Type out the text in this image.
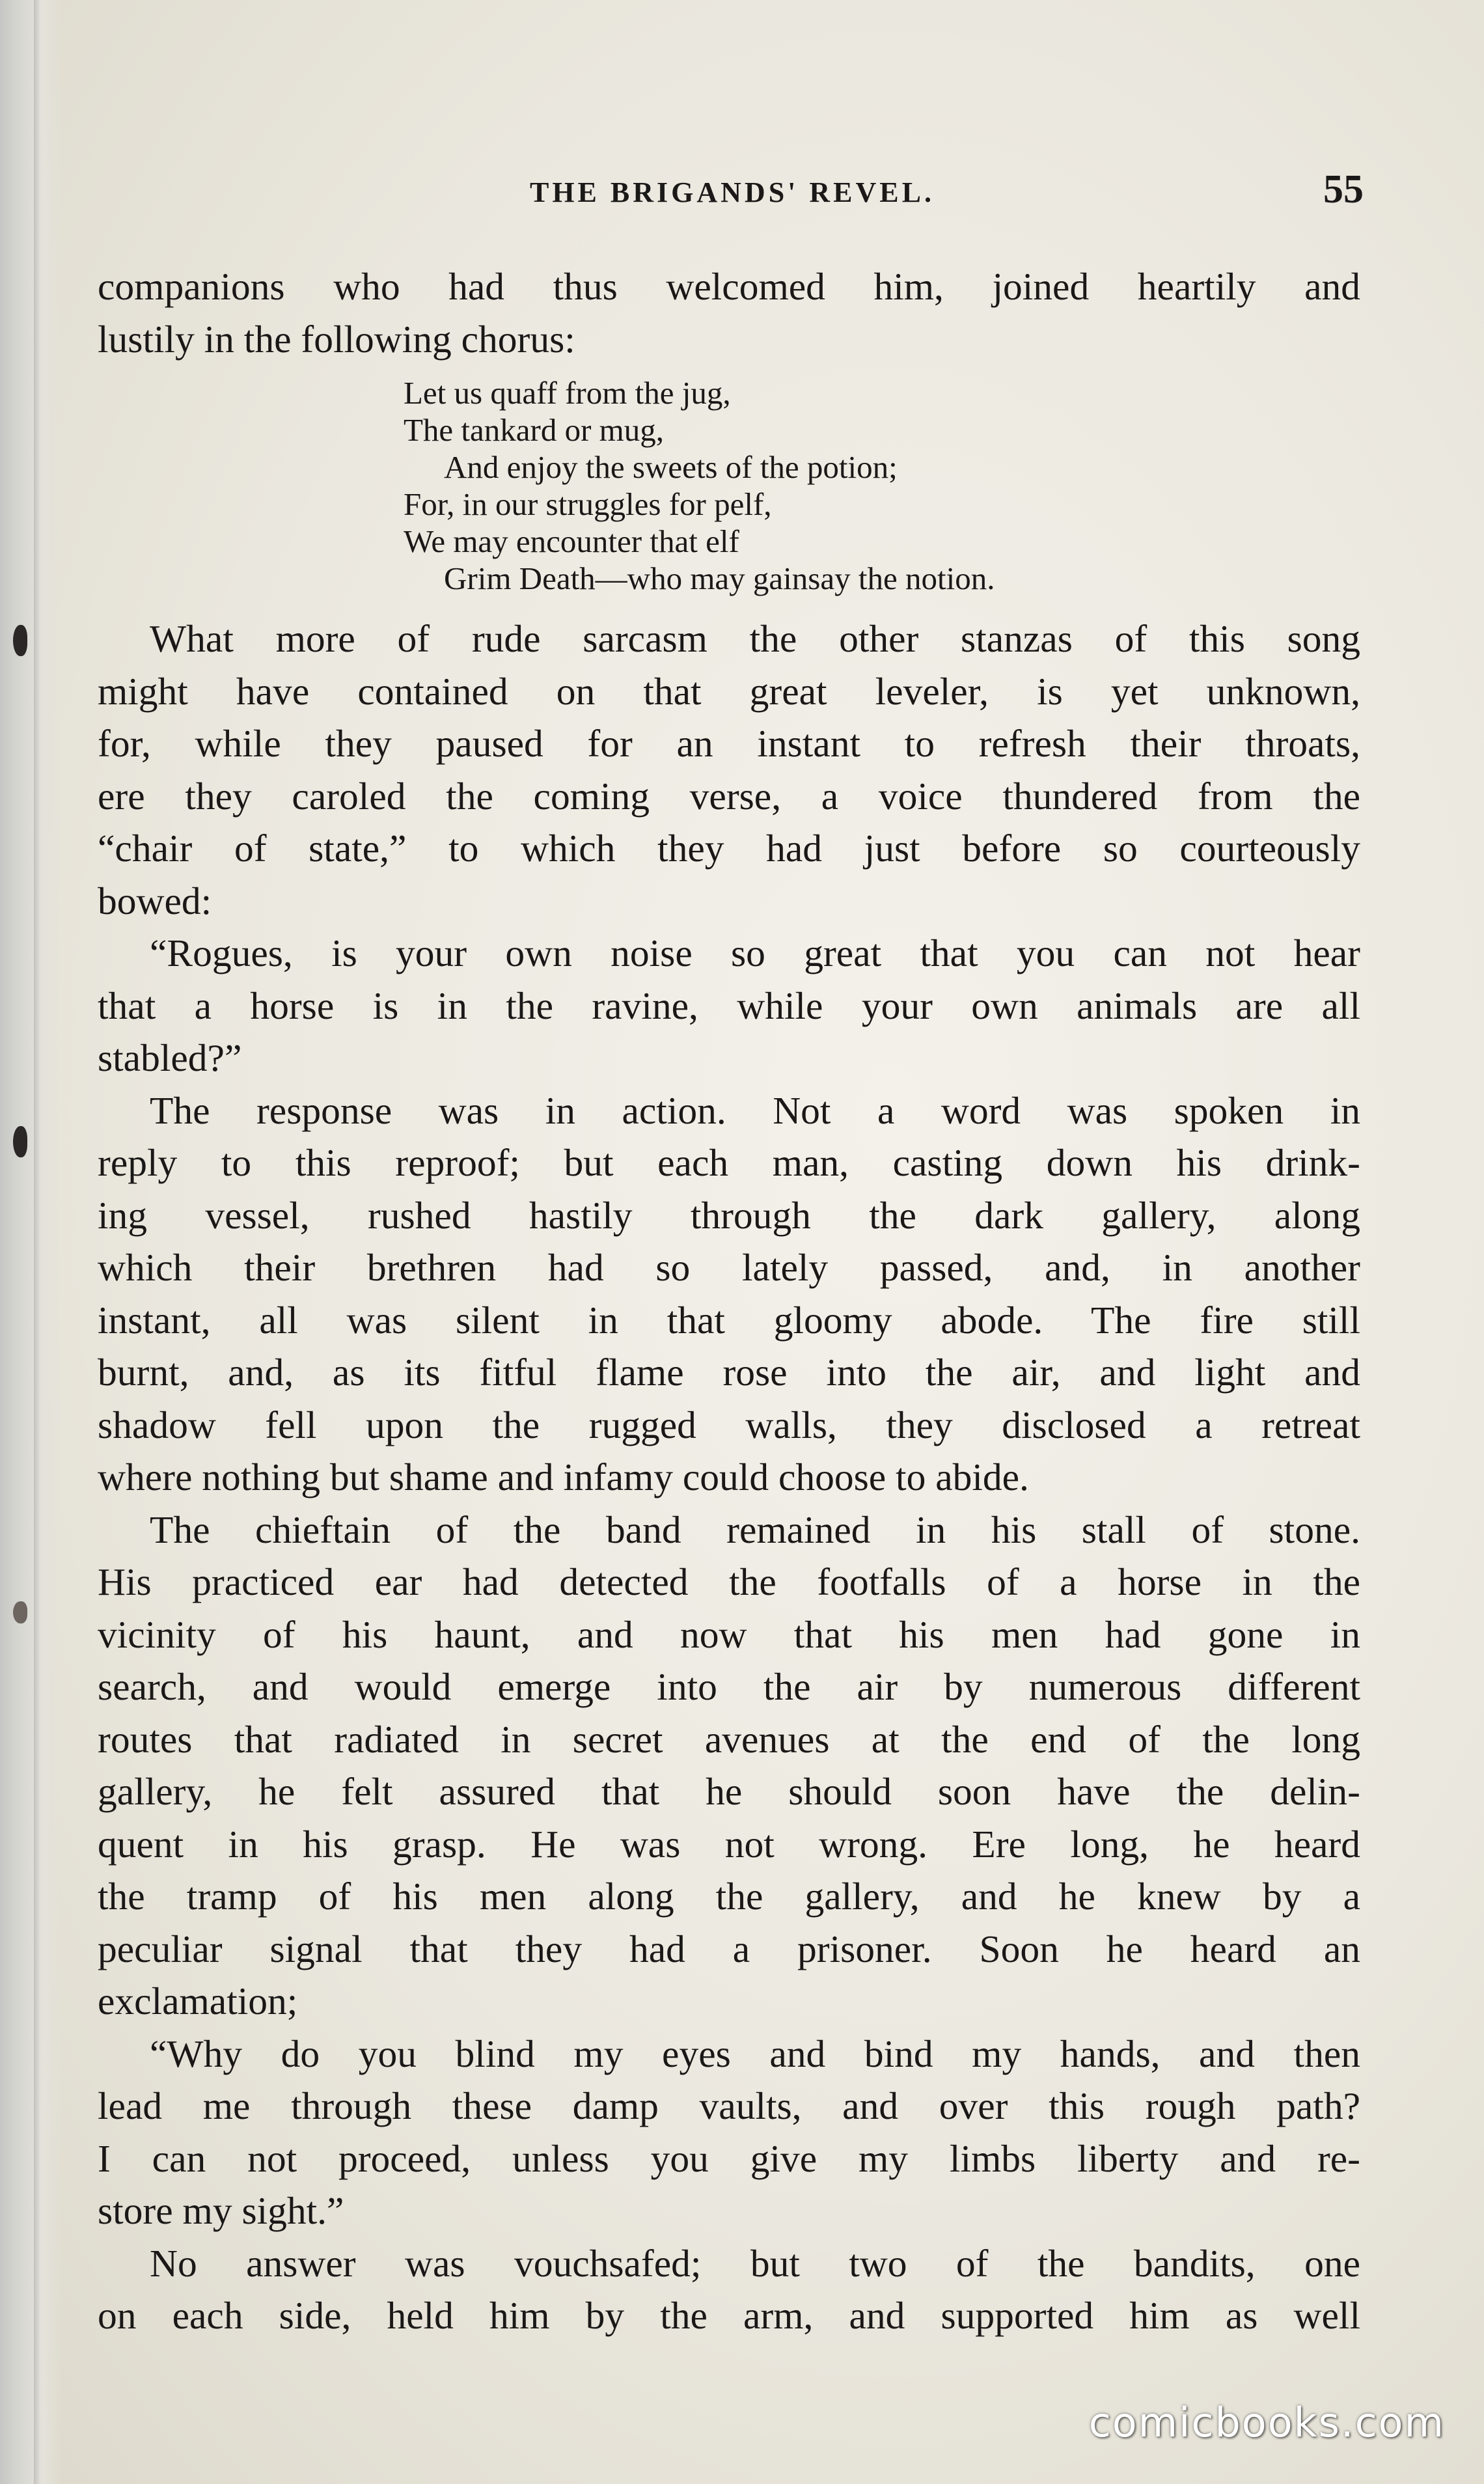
THE BRIGANDS' REVEL.	55
companions who had thus welcomed him, joined heartily and
lustily in the following chorus:
Let us quaff from the jug,
The tankard or mug,
And enjoy the sweets of the potion;
For, in our struggles for pelf,
We may encounter that elf
Grim Death—who may gainsay the notion.
What more of rude sarcasm the other stanzas of this song
might have contained on that great leveler, is yet unknown,
for, while they paused for an instant to refresh their throats,
ere they caroled the coming verse, a voice thundered from the
“chair of state,” to which they had just before so courteously
bowed:
“Rogues, is your own noise so great that you can not hear
that a horse is in the ravine, while your own animals are all
stabled?”
The response was in action. Not a word was spoken in
reply to this reproof; but each man, casting down his drink-
ing vessel, rushed hastily through the dark gallery, along
which their brethren had so lately passed, and, in another
instant, all was silent in that gloomy abode. The fire still
burnt, and, as its fitful flame rose into the air, and light and
shadow fell upon the rugged walls, they disclosed a retreat
where nothing but shame and infamy could choose to abide.
The chieftain of the band remained in his stall of stone.
His practiced ear had detected the footfalls of a horse in the
vicinity of his haunt, and now that his men had gone in
search, and would emerge into the air by numerous different
routes that radiated in secret avenues at the end of the long
gallery, he felt assured that he should soon have the delin-
quent in his grasp. He was not wrong. Ere long, he heard
the tramp of his men along the gallery, and he knew by a
peculiar signal that they had a prisoner. Soon he heard an
exclamation;
“Why do you blind my eyes and bind my hands, and then
lead me through these damp vaults, and over this rough path?
I can not proceed, unless you give my limbs liberty and re-
store my sight.”
No answer was vouchsafed; but two of the bandits, one
on each side, held him by the arm, and supported him as well
comicbooks.com
